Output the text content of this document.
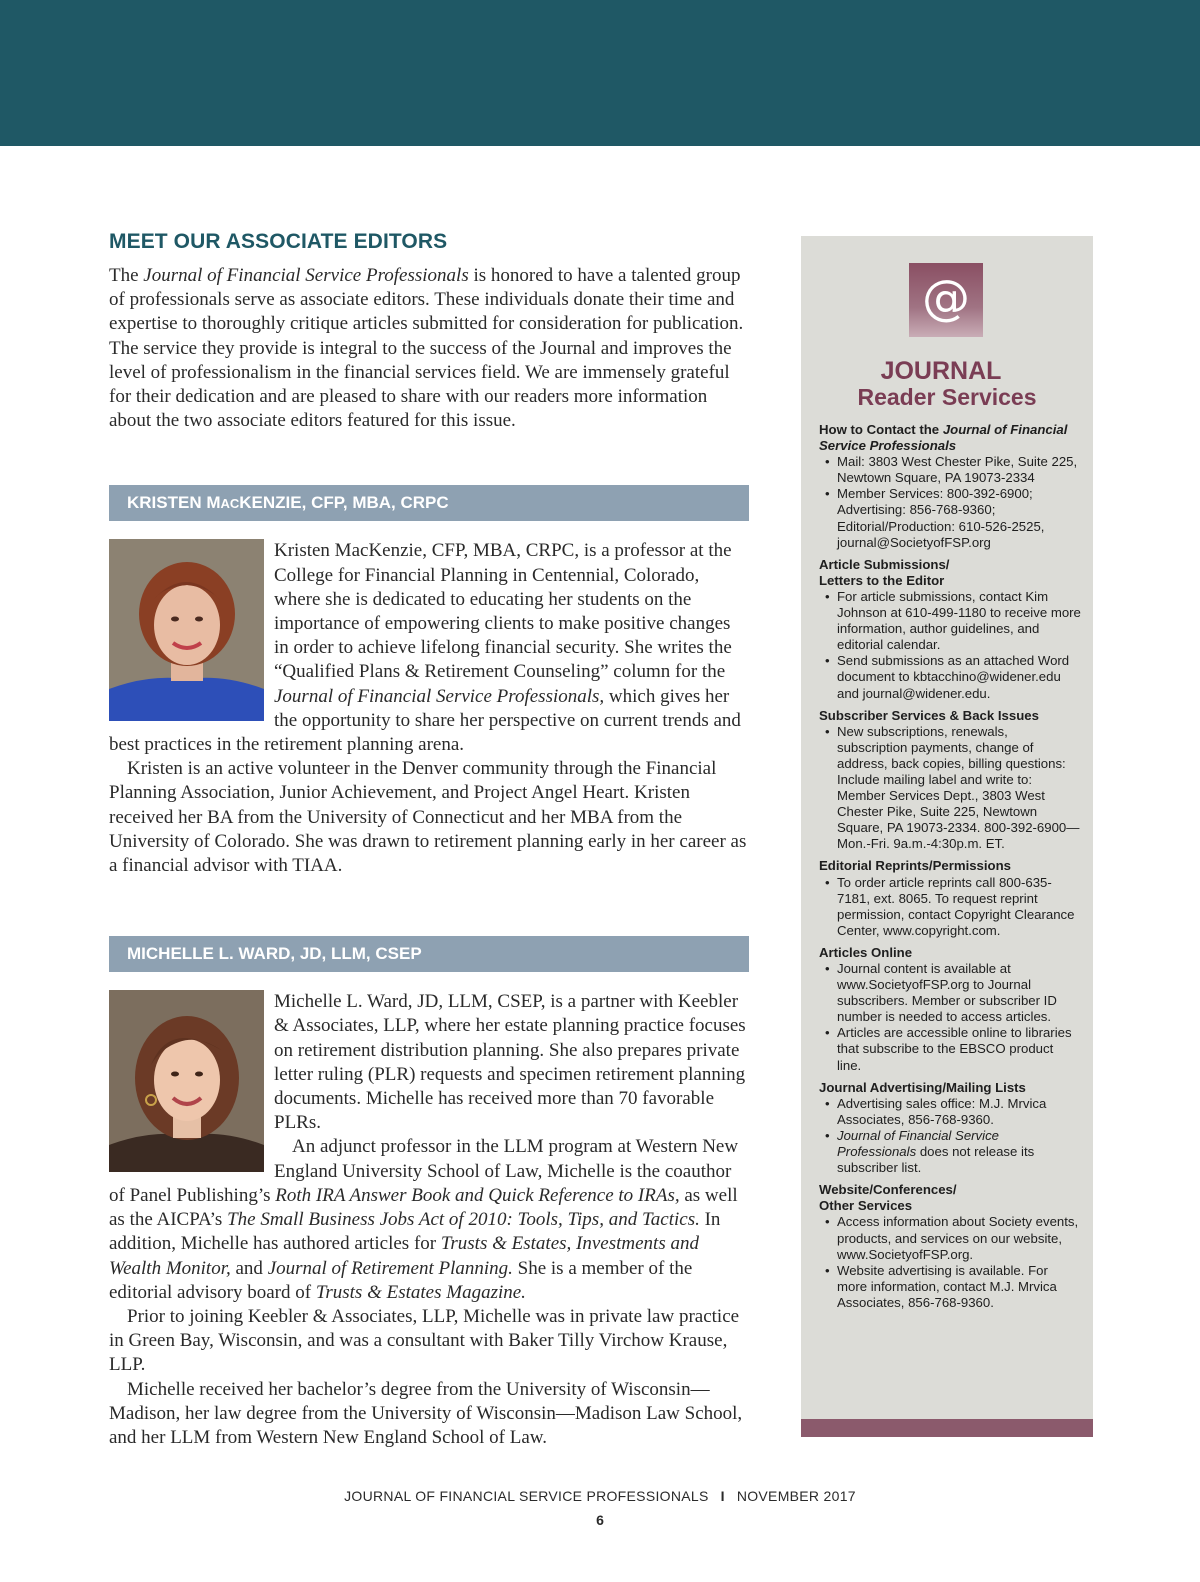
MEET OUR ASSOCIATE EDITORS

The Journal of Financial Service Professionals is honored to have a talented group of professionals serve as associate editors. These individuals donate their time and expertise to thoroughly critique articles submitted for consideration for publication. The service they provide is integral to the success of the Journal and improves the level of professionalism in the financial services field. We are immensely grateful for their dedication and are pleased to share with our readers more information about the two associate editors featured for this issue.

KRISTEN MACKENZIE, CFP, MBA, CRPC

Kristen MacKenzie, CFP, MBA, CRPC, is a professor at the College for Financial Planning in Centennial, Colorado, where she is dedicated to educating her students on the importance of empowering clients to make positive changes in order to achieve lifelong financial security. She writes the “Qualified Plans & Retirement Counseling” column for the Journal of Financial Service Professionals, which gives her the opportunity to share her perspective on current trends and best practices in the retirement planning arena.

Kristen is an active volunteer in the Denver community through the Financial Planning Association, Junior Achievement, and Project Angel Heart. Kristen received her BA from the University of Connecticut and her MBA from the University of Colorado. She was drawn to retirement planning early in her career as a financial advisor with TIAA.

MICHELLE L. WARD, JD, LLM, CSEP

Michelle L. Ward, JD, LLM, CSEP, is a partner with Keebler & Associates, LLP, where her estate planning practice focuses on retirement distribution planning. She also prepares private letter ruling (PLR) requests and specimen retirement planning documents. Michelle has received more than 70 favorable PLRs.

An adjunct professor in the LLM program at Western New England University School of Law, Michelle is the coauthor of Panel Publishing’s Roth IRA Answer Book and Quick Reference to IRAs, as well as the AICPA’s The Small Business Jobs Act of 2010: Tools, Tips, and Tactics. In addition, Michelle has authored articles for Trusts & Estates, Investments and Wealth Monitor, and Journal of Retirement Planning. She is a member of the editorial advisory board of Trusts & Estates Magazine.

Prior to joining Keebler & Associates, LLP, Michelle was in private law practice in Green Bay, Wisconsin, and was a consultant with Baker Tilly Virchow Krause, LLP.

Michelle received her bachelor’s degree from the University of Wisconsin—Madison, her law degree from the University of Wisconsin—Madison Law School, and her LLM from Western New England School of Law.

@
JOURNAL
Reader Services
How to Contact the Journal of Financial Service Professionals
• Mail: 3803 West Chester Pike, Suite 225, Newtown Square, PA 19073-2334
• Member Services: 800-392-6900; Advertising: 856-768-9360; Editorial/Production: 610-526-2525, journal@SocietyofFSP.org
Article Submissions/
Letters to the Editor
• For article submissions, contact Kim Johnson at 610-499-1180 to receive more information, author guidelines, and editorial calendar.
• Send submissions as an attached Word document to kbtacchino@widener.edu and journal@widener.edu.
Subscriber Services & Back Issues
• New subscriptions, renewals, subscription payments, change of address, back copies, billing questions: Include mailing label and write to: Member Services Dept., 3803 West Chester Pike, Suite 225, Newtown Square, PA 19073-2334. 800-392-6900—Mon.-Fri. 9a.m.-4:30p.m. ET.
Editorial Reprints/Permissions
• To order article reprints call 800-635-7181, ext. 8065. To request reprint permission, contact Copyright Clearance Center, www.copyright.com.
Articles Online
• Journal content is available at www.SocietyofFSP.org to Journal subscribers. Member or subscriber ID number is needed to access articles.
• Articles are accessible online to libraries that subscribe to the EBSCO product line.
Journal Advertising/Mailing Lists
• Advertising sales office: M.J. Mrvica Associates, 856-768-9360.
• Journal of Financial Service Professionals does not release its subscriber list.
Website/Conferences/
Other Services
• Access information about Society events, products, and services on our website, www.SocietyofFSP.org.
• Website advertising is available. For more information, contact M.J. Mrvica Associates, 856-768-9360.
JOURNAL OF FINANCIAL SERVICE PROFESSIONALS I NOVEMBER 2017
6
